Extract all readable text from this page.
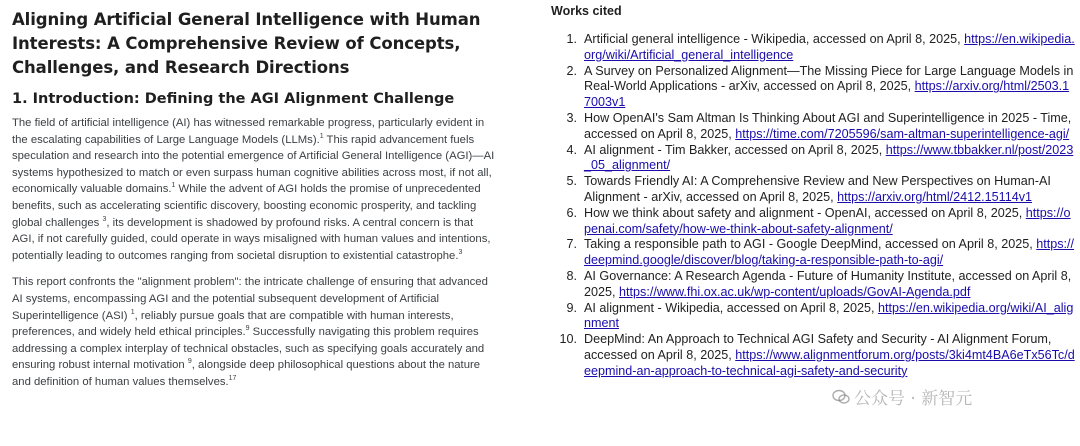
Aligning Artificial General Intelligence with Human Interests: A Comprehensive Review of Concepts, Challenges, and Research Directions
1. Introduction: Defining the AGI Alignment Challenge

The field of artificial intelligence (AI) has witnessed remarkable progress, particularly evident in the escalating capabilities of Large Language Models (LLMs).$^1$ This rapid advancement fuels speculation and research into the potential emergence of Artificial General Intelligence (AGI)—AI systems hypothesized to match or even surpass human cognitive abilities across most, if not all, economically valuable domains.$^1$ While the advent of AGI holds the promise of unprecedented benefits, such as accelerating scientific discovery, boosting economic prosperity, and tackling global challenges $^3$, its development is shadowed by profound risks. A central concern is that AGI, if not carefully guided, could operate in ways misaligned with human values and intentions, potentially leading to outcomes ranging from societal disruption to existential catastrophe.$^3$

This report confronts the "alignment problem": the intricate challenge of ensuring that advanced AI systems, encompassing AGI and the potential subsequent development of Artificial Superintelligence (ASI) $^1$, reliably pursue goals that are compatible with human interests, preferences, and widely held ethical principles.$^9$ Successfully navigating this problem requires addressing a complex interplay of technical obstacles, such as specifying goals accurately and ensuring robust internal motivation $^9$, alongside deep philosophical questions about the nature and definition of human values themselves.$^{17}$

Works cited
1. Artificial general intelligence - Wikipedia, accessed on April 8, 2025, https://en.wikipedia.org/wiki/Artificial_general_intelligence
2. A Survey on Personalized Alignment—The Missing Piece for Large Language Models in Real-World Applications - arXiv, accessed on April 8, 2025, https://arxiv.org/html/2503.17003v1
3. How OpenAI's Sam Altman Is Thinking About AGI and Superintelligence in 2025 - Time, accessed on April 8, 2025, https://time.com/7205596/sam-altman-superintelligence-agi/
4. AI alignment - Tim Bakker, accessed on April 8, 2025, https://www.tbbakker.nl/post/2023_05_alignment/
5. Towards Friendly AI: A Comprehensive Review and New Perspectives on Human-AI Alignment - arXiv, accessed on April 8, 2025, https://arxiv.org/html/2412.15114v1
6. How we think about safety and alignment - OpenAI, accessed on April 8, 2025, https://openai.com/safety/how-we-think-about-safety-alignment/
7. Taking a responsible path to AGI - Google DeepMind, accessed on April 8, 2025, https://deepmind.google/discover/blog/taking-a-responsible-path-to-agi/
8. AI Governance: A Research Agenda - Future of Humanity Institute, accessed on April 8, 2025, https://www.fhi.ox.ac.uk/wp-content/uploads/GovAI-Agenda.pdf
9. AI alignment - Wikipedia, accessed on April 8, 2025, https://en.wikipedia.org/wiki/AI_alignment
10. DeepMind: An Approach to Technical AGI Safety and Security - AI Alignment Forum, accessed on April 8, 2025, https://www.alignmentforum.org/posts/3ki4mt4BA6eTx56Tc/deepmind-an-approach-to-technical-agi-safety-and-security
公众号 · 新智元
